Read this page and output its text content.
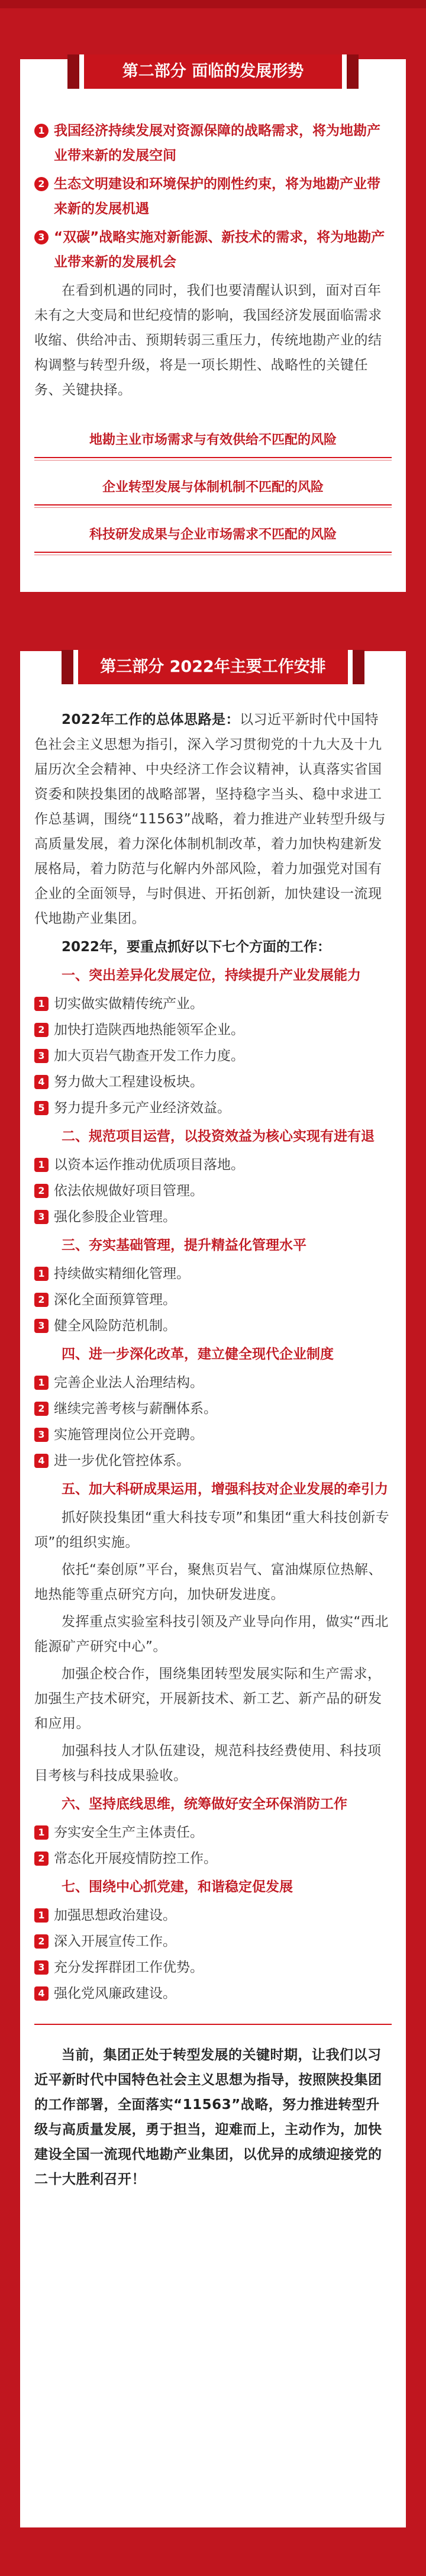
第二部分 面临的发展形势
1 我国经济持续发展对资源保障的战略需求，将为地勘产业带来新的发展空间
2 生态文明建设和环境保护的刚性约束，将为地勘产业带来新的发展机遇
3 “双碳”战略实施对新能源、新技术的需求，将为地勘产业带来新的发展机会

在看到机遇的同时，我们也要清醒认识到，面对百年未有之大变局和世纪疫情的影响，我国经济发展面临需求收缩、供给冲击、预期转弱三重压力，传统地勘产业的结构调整与转型升级，将是一项长期性、战略性的关键任务、关键抉择。

地勘主业市场需求与有效供给不匹配的风险
企业转型发展与体制机制不匹配的风险
科技研发成果与企业市场需求不匹配的风险
第三部分 2022年主要工作安排

2022年工作的总体思路是：以习近平新时代中国特色社会主义思想为指引，深入学习贯彻党的十九大及十九届历次全会精神、中央经济工作会议精神，认真落实省国资委和陕投集团的战略部署，坚持稳字当头、稳中求进工作总基调，围绕“11563”战略，着力推进产业转型升级与高质量发展，着力深化体制机制改革，着力加快构建新发展格局，着力防范与化解内外部风险，着力加强党对国有企业的全面领导，与时俱进、开拓创新，加快建设一流现代地勘产业集团。

2022年，要重点抓好以下七个方面的工作：
一、突出差异化发展定位，持续提升产业发展能力
1 切实做实做精传统产业。
2 加快打造陕西地热能领军企业。
3 加大页岩气勘查开发工作力度。
4 努力做大工程建设板块。
5 努力提升多元产业经济效益。
二、规范项目运营，以投资效益为核心实现有进有退
1 以资本运作推动优质项目落地。
2 依法依规做好项目管理。
3 强化参股企业管理。
三、夯实基础管理，提升精益化管理水平
1 持续做实精细化管理。
2 深化全面预算管理。
3 健全风险防范机制。
四、进一步深化改革，建立健全现代企业制度
1 完善企业法人治理结构。
2 继续完善考核与薪酬体系。
3 实施管理岗位公开竞聘。
4 进一步优化管控体系。
五、加大科研成果运用，增强科技对企业发展的牵引力

抓好陕投集团“重大科技专项”和集团“重大科技创新专项”的组织实施。

依托“秦创原”平台，聚焦页岩气、富油煤原位热解、地热能等重点研究方向，加快研发进度。

发挥重点实验室科技引领及产业导向作用，做实“西北能源矿产研究中心”。

加强企校合作，围绕集团转型发展实际和生产需求，加强生产技术研究，开展新技术、新工艺、新产品的研发和应用。

加强科技人才队伍建设，规范科技经费使用、科技项目考核与科技成果验收。

六、坚持底线思维，统筹做好安全环保消防工作
1 夯实安全生产主体责任。
2 常态化开展疫情防控工作。
七、围绕中心抓党建，和谐稳定促发展
1 加强思想政治建设。
2 深入开展宣传工作。
3 充分发挥群团工作优势。
4 强化党风廉政建设。

当前，集团正处于转型发展的关键时期，让我们以习近平新时代中国特色社会主义思想为指导，按照陕投集团的工作部署，全面落实“11563”战略，努力推进转型升级与高质量发展，勇于担当，迎难而上，主动作为，加快建设全国一流现代地勘产业集团，以优异的成绩迎接党的二十大胜利召开！
